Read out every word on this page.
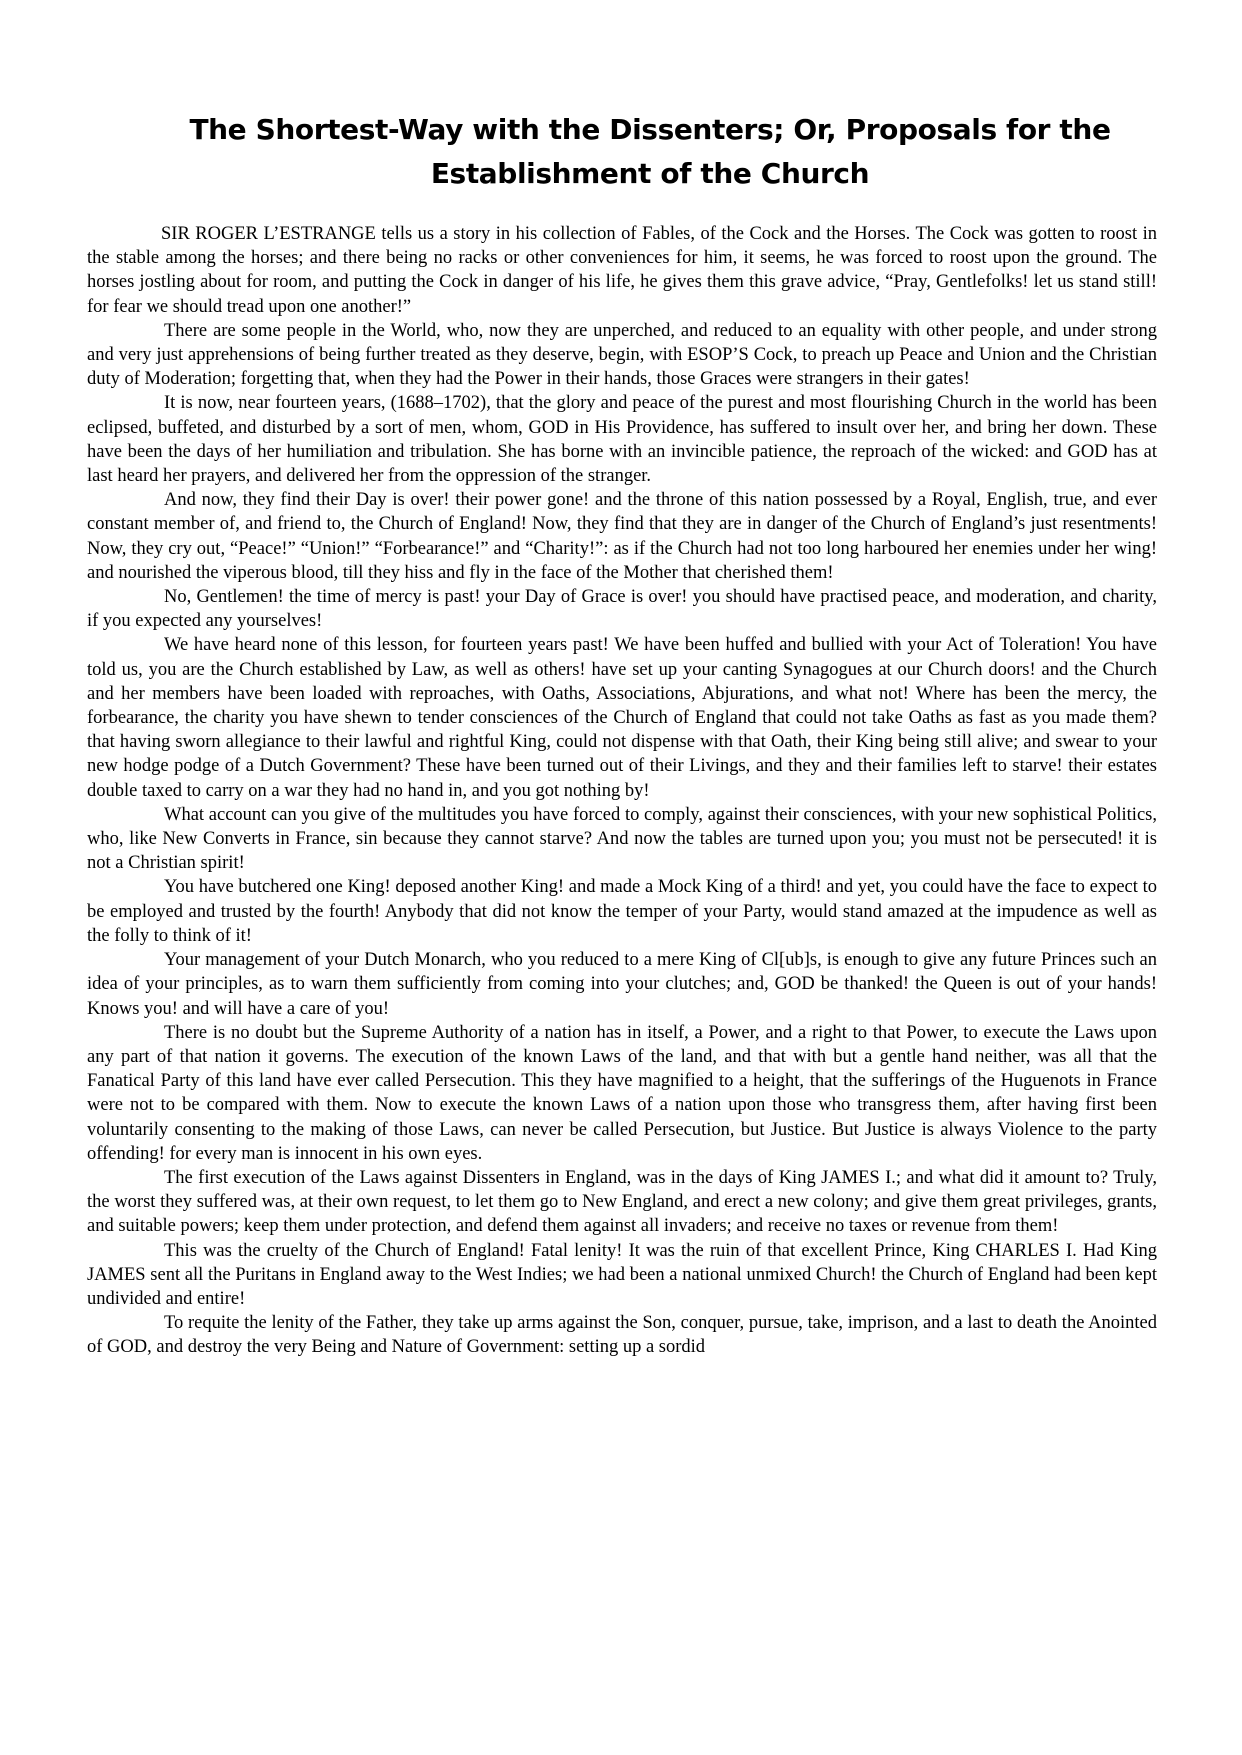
The Shortest-Way with the Dissenters; Or, Proposals for the Establishment of the Church

SIR ROGER L’ESTRANGE tells us a story in his collection of Fables, of the Cock and the Horses. The Cock was gotten to roost in the stable among the horses; and there being no racks or other conveniences for him, it seems, he was forced to roost upon the ground. The horses jostling about for room, and putting the Cock in danger of his life, he gives them this grave advice, “Pray, Gentlefolks! let us stand still! for fear we should tread upon one another!”

There are some people in the World, who, now they are unperched, and reduced to an equality with other people, and under strong and very just apprehensions of being further treated as they deserve, begin, with ESOP’S Cock, to preach up Peace and Union and the Christian duty of Moderation; forgetting that, when they had the Power in their hands, those Graces were strangers in their gates!

It is now, near fourteen years, (1688–1702), that the glory and peace of the purest and most flourishing Church in the world has been eclipsed, buffeted, and disturbed by a sort of men, whom, GOD in His Providence, has suffered to insult over her, and bring her down. These have been the days of her humiliation and tribulation. She has borne with an invincible patience, the reproach of the wicked: and GOD has at last heard her prayers, and delivered her from the oppression of the stranger.

And now, they find their Day is over! their power gone! and the throne of this nation possessed by a Royal, English, true, and ever constant member of, and friend to, the Church of England! Now, they find that they are in danger of the Church of England’s just resentments! Now, they cry out, “Peace!” “Union!” “Forbearance!” and “Charity!”: as if the Church had not too long harboured her enemies under her wing! and nourished the viperous blood, till they hiss and fly in the face of the Mother that cherished them!

No, Gentlemen! the time of mercy is past! your Day of Grace is over! you should have practised peace, and moderation, and charity, if you expected any yourselves!

We have heard none of this lesson, for fourteen years past! We have been huffed and bullied with your Act of Toleration! You have told us, you are the Church established by Law, as well as others! have set up your canting Synagogues at our Church doors! and the Church and her members have been loaded with reproaches, with Oaths, Associations, Abjurations, and what not! Where has been the mercy, the forbearance, the charity you have shewn to tender consciences of the Church of England that could not take Oaths as fast as you made them? that having sworn allegiance to their lawful and rightful King, could not dispense with that Oath, their King being still alive; and swear to your new hodge podge of a Dutch Government? These have been turned out of their Livings, and they and their families left to starve! their estates double taxed to carry on a war they had no hand in, and you got nothing by!

What account can you give of the multitudes you have forced to comply, against their consciences, with your new sophistical Politics, who, like New Converts in France, sin because they cannot starve? And now the tables are turned upon you; you must not be persecuted! it is not a Christian spirit!

You have butchered one King! deposed another King! and made a Mock King of a third! and yet, you could have the face to expect to be employed and trusted by the fourth! Anybody that did not know the temper of your Party, would stand amazed at the impudence as well as the folly to think of it!

Your management of your Dutch Monarch, who you reduced to a mere King of Cl[ub]s, is enough to give any future Princes such an idea of your principles, as to warn them sufficiently from coming into your clutches; and, GOD be thanked! the Queen is out of your hands! Knows you! and will have a care of you!

There is no doubt but the Supreme Authority of a nation has in itself, a Power, and a right to that Power, to execute the Laws upon any part of that nation it governs. The execution of the known Laws of the land, and that with but a gentle hand neither, was all that the Fanatical Party of this land have ever called Persecution. This they have magnified to a height, that the sufferings of the Huguenots in France were not to be compared with them. Now to execute the known Laws of a nation upon those who transgress them, after having first been voluntarily consenting to the making of those Laws, can never be called Persecution, but Justice. But Justice is always Violence to the party offending! for every man is innocent in his own eyes.

The first execution of the Laws against Dissenters in England, was in the days of King JAMES I.; and what did it amount to? Truly, the worst they suffered was, at their own request, to let them go to New England, and erect a new colony; and give them great privileges, grants, and suitable powers; keep them under protection, and defend them against all invaders; and receive no taxes or revenue from them!

This was the cruelty of the Church of England! Fatal lenity! It was the ruin of that excellent Prince, King CHARLES I. Had King JAMES sent all the Puritans in England away to the West Indies; we had been a national unmixed Church! the Church of England had been kept undivided and entire!

To requite the lenity of the Father, they take up arms against the Son, conquer, pursue, take, imprison, and a last to death the Anointed of GOD, and destroy the very Being and Nature of Government: setting up a sordid
